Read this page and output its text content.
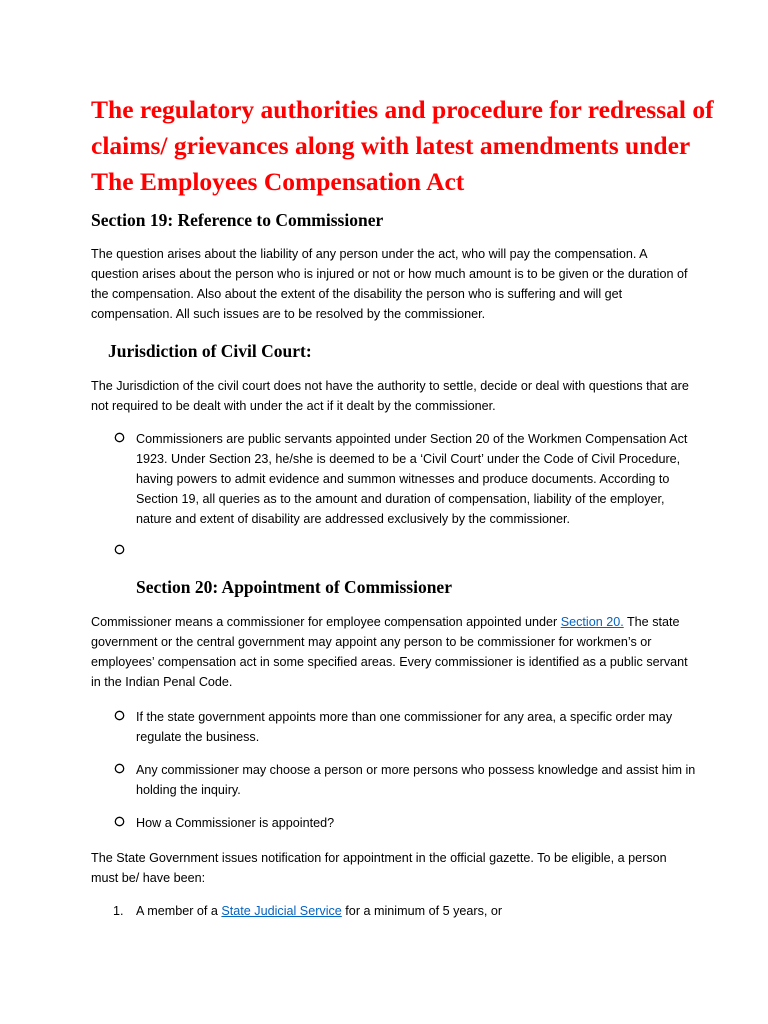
The regulatory authorities and procedure for redressal of claims/ grievances along with latest amendments under The Employees Compensation Act
Section 19: Reference to Commissioner

The question arises about the liability of any person under the act, who will pay the compensation. A question arises about the person who is injured or not or how much amount is to be given or the duration of the compensation. Also about the extent of the disability the person who is suffering and will get compensation. All such issues are to be resolved by the commissioner.

Jurisdiction of Civil Court:

The Jurisdiction of the civil court does not have the authority to settle, decide or deal with questions that are not required to be dealt with under the act if it dealt by the commissioner.

Commissioners are public servants appointed under Section 20 of the Workmen Compensation Act 1923. Under Section 23, he/she is deemed to be a ‘Civil Court’ under the Code of Civil Procedure, having powers to admit evidence and summon witnesses and produce documents. According to Section 19, all queries as to the amount and duration of compensation, liability of the employer, nature and extent of disability are addressed exclusively by the commissioner.

Section 20: Appointment of Commissioner

Commissioner means a commissioner for employee compensation appointed under Section 20. The state government or the central government may appoint any person to be commissioner for workmen’s or employees’ compensation act in some specified areas. Every commissioner is identified as a public servant in the Indian Penal Code.

If the state government appoints more than one commissioner for any area, a specific order may regulate the business.

Any commissioner may choose a person or more persons who possess knowledge and assist him in holding the inquiry.

How a Commissioner is appointed?

The State Government issues notification for appointment in the official gazette. To be eligible, a person must be/ have been:

1. A member of a State Judicial Service for a minimum of 5 years, or
